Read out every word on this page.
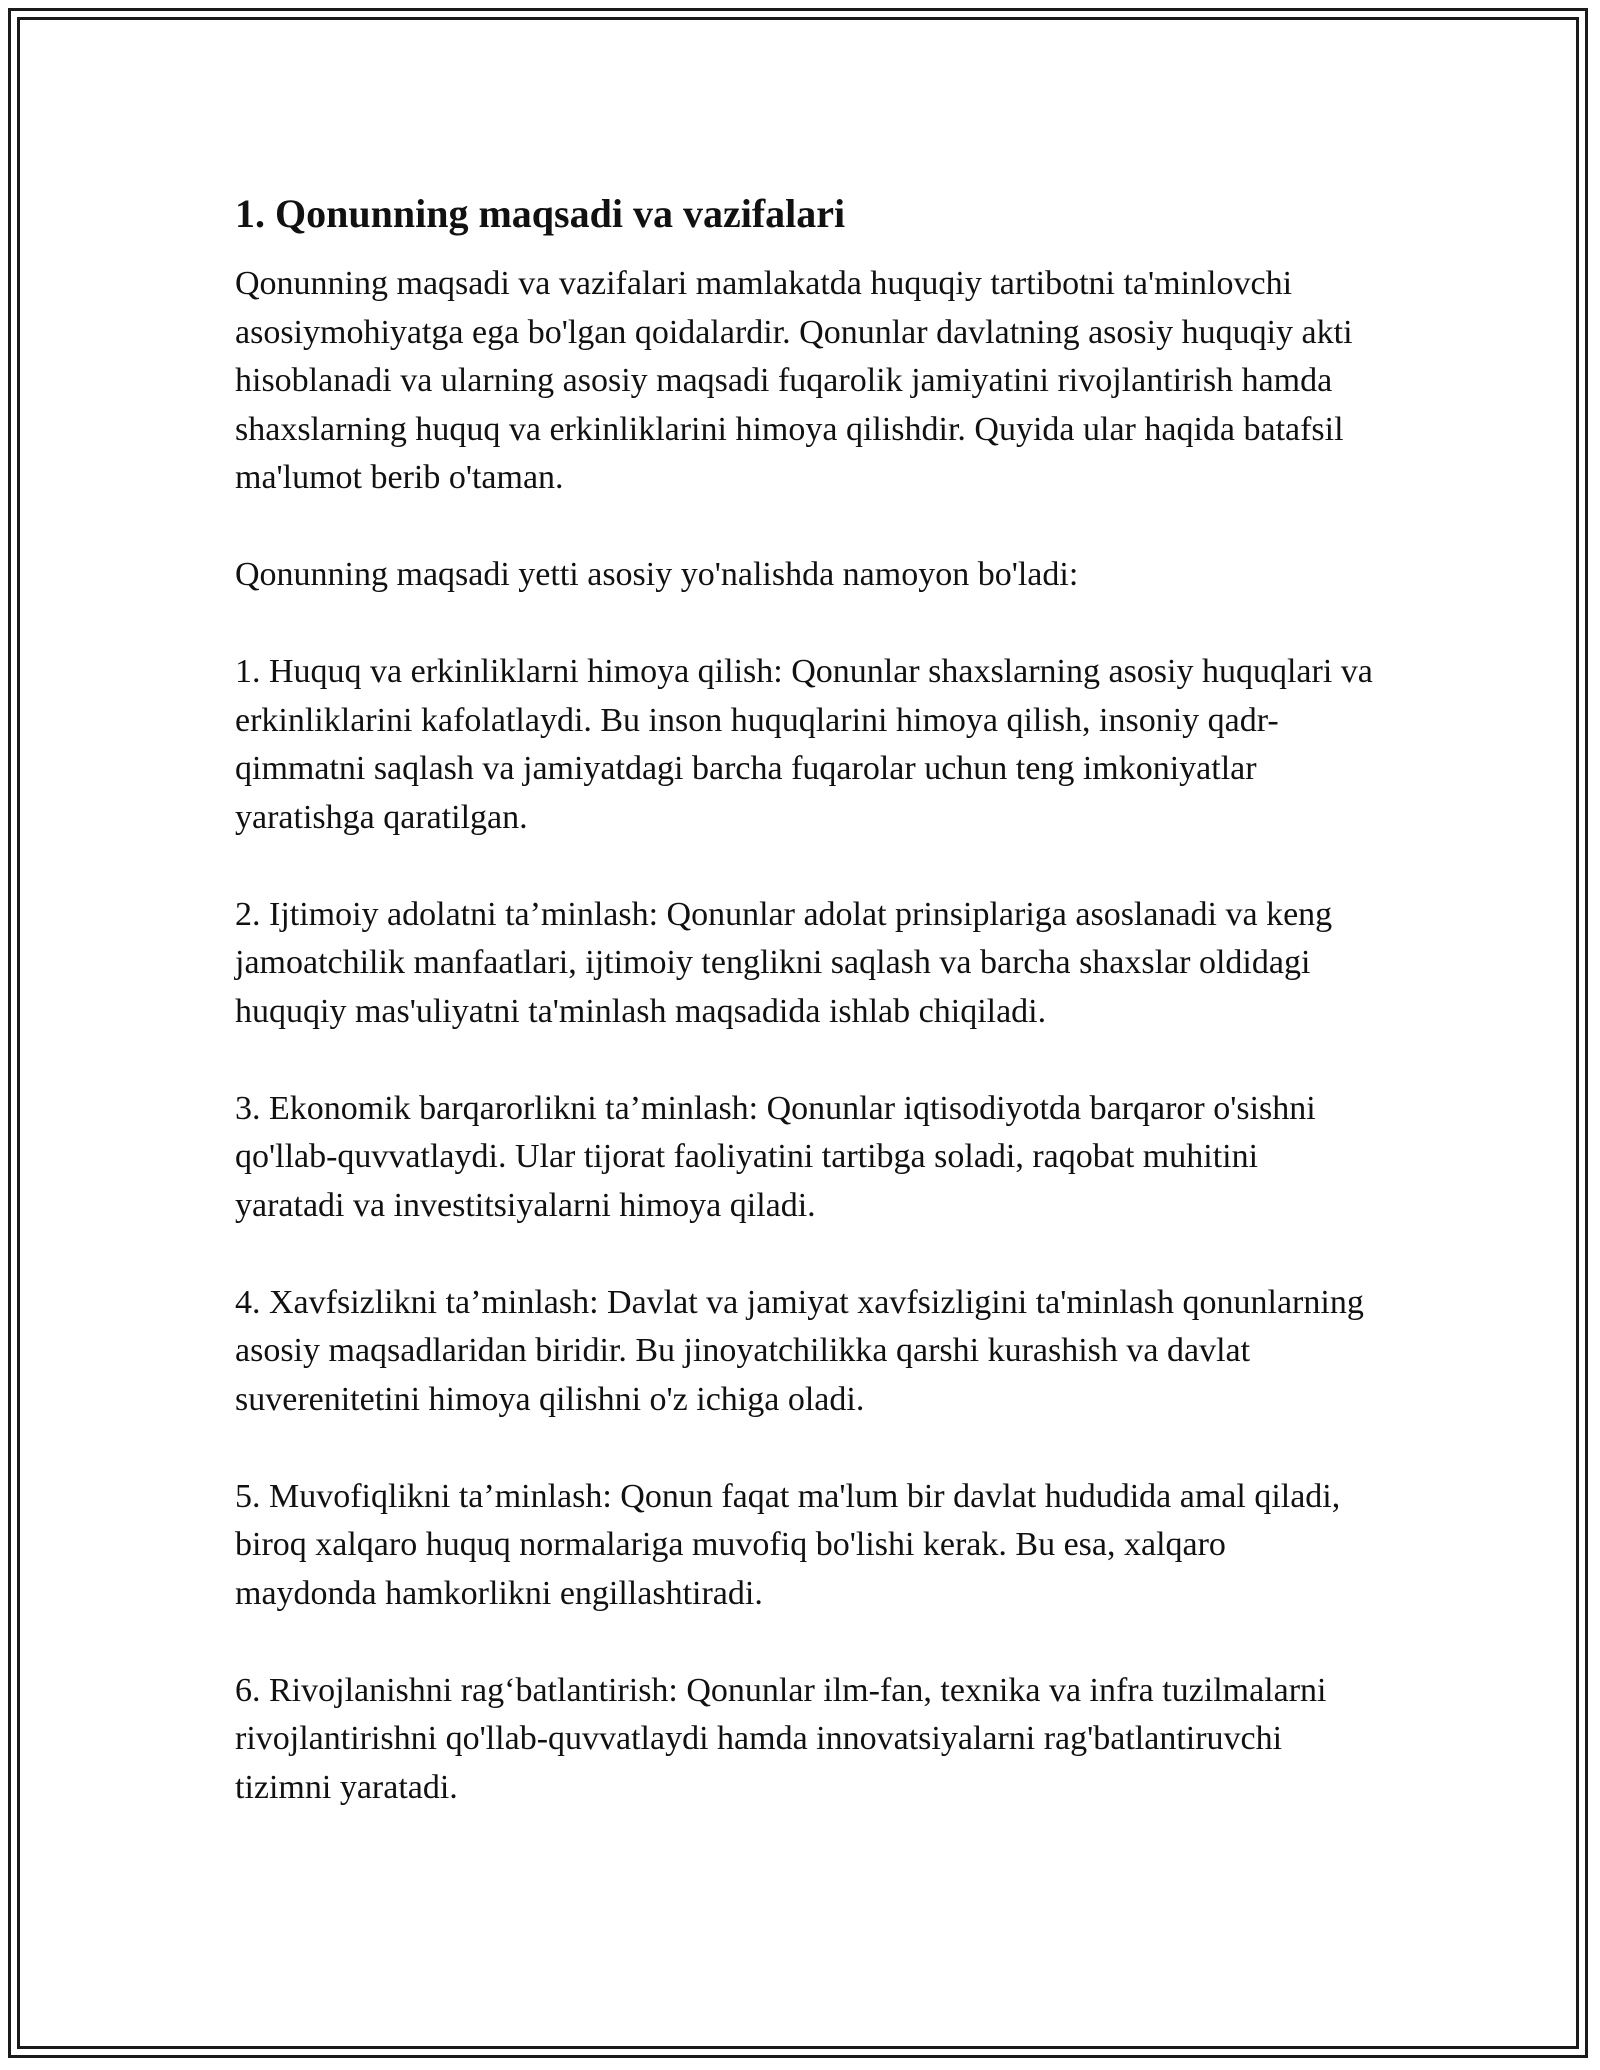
1. Qonunning maqsadi va vazifalari

Qonunning maqsadi va vazifalari mamlakatda huquqiy tartibotni ta'minlovchi asosiymohiyatga ega bo'lgan qoidalardir. Qonunlar davlatning asosiy huquqiy akti hisoblanadi va ularning asosiy maqsadi fuqarolik jamiyatini rivojlantirish hamda shaxslarning huquq va erkinliklarini himoya qilishdir. Quyida ular haqida batafsil ma'lumot berib o'taman.

Qonunning maqsadi yetti asosiy yo'nalishda namoyon bo'ladi:

1. Huquq va erkinliklarni himoya qilish: Qonunlar shaxslarning asosiy huquqlari va erkinliklarini kafolatlaydi. Bu inson huquqlarini himoya qilish, insoniy qadr-qimmatni saqlash va jamiyatdagi barcha fuqarolar uchun teng imkoniyatlar yaratishga qaratilgan.

2. Ijtimoiy adolatni ta’minlash: Qonunlar adolat prinsiplariga asoslanadi va keng jamoatchilik manfaatlari, ijtimoiy tenglikni saqlash va barcha shaxslar oldidagi huquqiy mas'uliyatni ta'minlash maqsadida ishlab chiqiladi.

3. Ekonomik barqarorlikni ta’minlash: Qonunlar iqtisodiyotda barqaror o'sishni qo'llab-quvvatlaydi. Ular tijorat faoliyatini tartibga soladi, raqobat muhitini yaratadi va investitsiyalarni himoya qiladi.

4. Xavfsizlikni ta’minlash: Davlat va jamiyat xavfsizligini ta'minlash qonunlarning asosiy maqsadlaridan biridir. Bu jinoyatchilikka qarshi kurashish va davlat suverenitetini himoya qilishni o'z ichiga oladi.

5. Muvofiqlikni ta’minlash: Qonun faqat ma'lum bir davlat hududida amal qiladi, biroq xalqaro huquq normalariga muvofiq bo'lishi kerak. Bu esa, xalqaro maydonda hamkorlikni engillashtiradi.

6. Rivojlanishni rag‘batlantirish: Qonunlar ilm-fan, texnika va infra tuzilmalarni rivojlantirishni qo'llab-quvvatlaydi hamda innovatsiyalarni rag'batlantiruvchi tizimni yaratadi.
